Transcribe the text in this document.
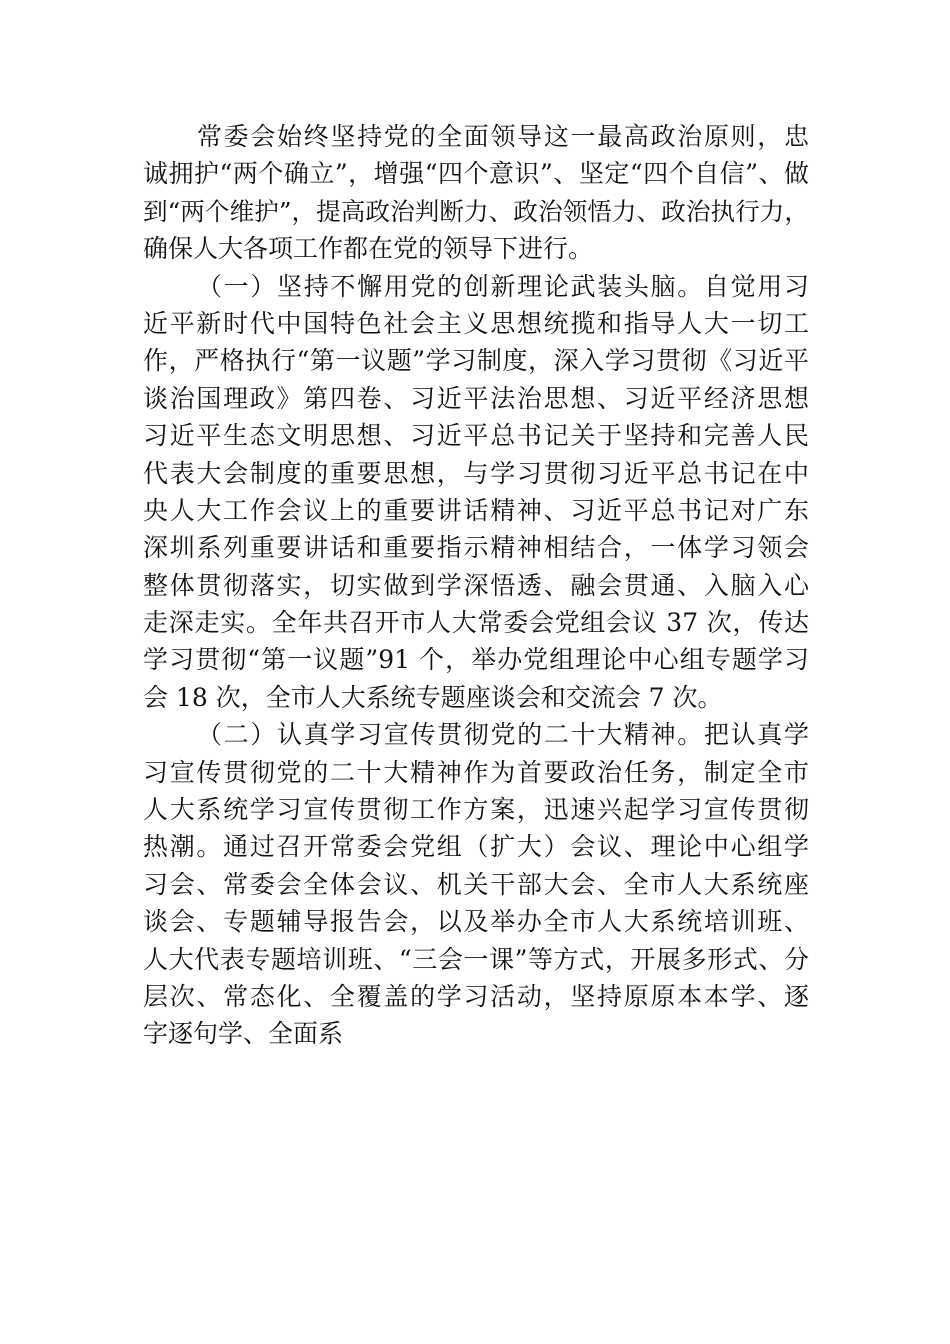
常委会始终坚持党的全面领导这一最高政治原则，忠
诚拥护“两个确立”，增强“四个意识”、坚定“四个自信”、做
到“两个维护”，提高政治判断力、政治领悟力、政治执行力，
确保人大各项工作都在党的领导下进行。
（一）坚持不懈用党的创新理论武装头脑。自觉用习
近平新时代中国特色社会主义思想统揽和指导人大一切工
作，严格执行“第一议题”学习制度，深入学习贯彻《习近平
谈治国理政》第四卷、习近平法治思想、习近平经济思想
习近平生态文明思想、习近平总书记关于坚持和完善人民
代表大会制度的重要思想，与学习贯彻习近平总书记在中
央人大工作会议上的重要讲话精神、习近平总书记对广东
深圳系列重要讲话和重要指示精神相结合，一体学习领会
整体贯彻落实，切实做到学深悟透、融会贯通、入脑入心
走深走实。全年共召开市人大常委会党组会议 37 次，传达
学习贯彻“第一议题”91 个，举办党组理论中心组专题学习
会 18 次，全市人大系统专题座谈会和交流会 7 次。
（二）认真学习宣传贯彻党的二十大精神。把认真学
习宣传贯彻党的二十大精神作为首要政治任务，制定全市
人大系统学习宣传贯彻工作方案，迅速兴起学习宣传贯彻
热潮。通过召开常委会党组（扩大）会议、理论中心组学
习会、常委会全体会议、机关干部大会、全市人大系统座
谈会、专题辅导报告会，以及举办全市人大系统培训班、
人大代表专题培训班、“三会一课”等方式，开展多形式、分
层次、常态化、全覆盖的学习活动，坚持原原本本学、逐
字逐句学、全面系
